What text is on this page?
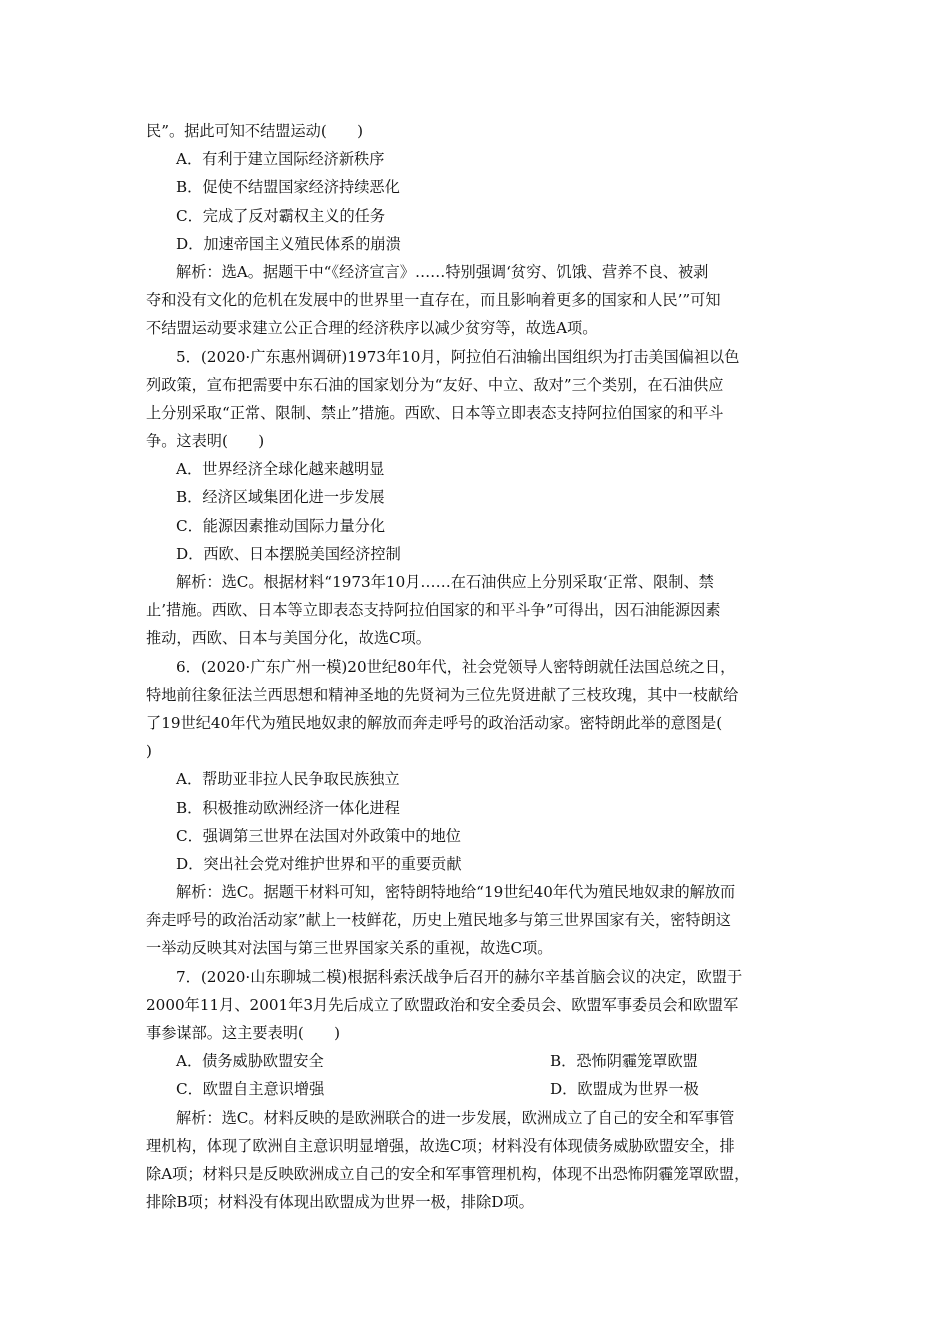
民”。据此可知不结盟运动(　　)
A．有利于建立国际经济新秩序
B．促使不结盟国家经济持续恶化
C．完成了反对霸权主义的任务
D．加速帝国主义殖民体系的崩溃
解析：选A。据题干中“《经济宣言》……特别强调‘贫穷、饥饿、营养不良、被剥
夺和没有文化的危机在发展中的世界里一直存在，而且影响着更多的国家和人民’”可知
不结盟运动要求建立公正合理的经济秩序以减少贫穷等，故选A项。
5．(2020·广东惠州调研)1973年10月，阿拉伯石油输出国组织为打击美国偏袒以色
列政策，宣布把需要中东石油的国家划分为“友好、中立、敌对”三个类别，在石油供应
上分别采取“正常、限制、禁止”措施。西欧、日本等立即表态支持阿拉伯国家的和平斗
争。这表明(　　)
A．世界经济全球化越来越明显
B．经济区域集团化进一步发展
C．能源因素推动国际力量分化
D．西欧、日本摆脱美国经济控制
解析：选C。根据材料“1973年10月……在石油供应上分别采取‘正常、限制、禁
止’措施。西欧、日本等立即表态支持阿拉伯国家的和平斗争”可得出，因石油能源因素
推动，西欧、日本与美国分化，故选C项。
6．(2020·广东广州一模)20世纪80年代，社会党领导人密特朗就任法国总统之日，
特地前往象征法兰西思想和精神圣地的先贤祠为三位先贤进献了三枝玫瑰，其中一枝献给
了19世纪40年代为殖民地奴隶的解放而奔走呼号的政治活动家。密特朗此举的意图是(
)
A．帮助亚非拉人民争取民族独立
B．积极推动欧洲经济一体化进程
C．强调第三世界在法国对外政策中的地位
D．突出社会党对维护世界和平的重要贡献
解析：选C。据题干材料可知，密特朗特地给“19世纪40年代为殖民地奴隶的解放而
奔走呼号的政治活动家”献上一枝鲜花，历史上殖民地多与第三世界国家有关，密特朗这
一举动反映其对法国与第三世界国家关系的重视，故选C项。
7．(2020·山东聊城二模)根据科索沃战争后召开的赫尔辛基首脑会议的决定，欧盟于
2000年11月、2001年3月先后成立了欧盟政治和安全委员会、欧盟军事委员会和欧盟军
事参谋部。这主要表明(　　)
A．债务威胁欧盟安全	B．恐怖阴霾笼罩欧盟
C．欧盟自主意识增强	D．欧盟成为世界一极
解析：选C。材料反映的是欧洲联合的进一步发展，欧洲成立了自己的安全和军事管
理机构，体现了欧洲自主意识明显增强，故选C项；材料没有体现债务威胁欧盟安全，排
除A项；材料只是反映欧洲成立自己的安全和军事管理机构，体现不出恐怖阴霾笼罩欧盟，
排除B项；材料没有体现出欧盟成为世界一极，排除D项。
